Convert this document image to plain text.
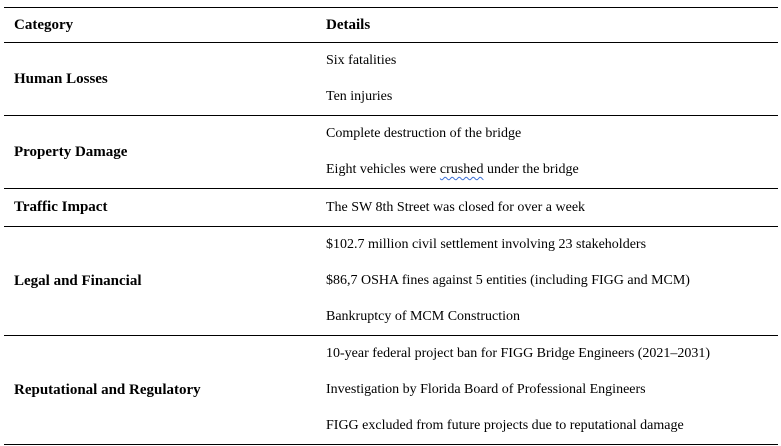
Category	Details
Human Losses
Six fatalities
Ten injuries
Property Damage
Complete destruction of the bridge
Eight vehicles were crushed under the bridge
Traffic Impact	The SW 8th Street was closed for over a week
Legal and Financial
$102.7 million civil settlement involving 23 stakeholders
$86,7 OSHA fines against 5 entities (including FIGG and MCM)
Bankruptcy of MCM Construction
Reputational and Regulatory
10-year federal project ban for FIGG Bridge Engineers (2021–2031)
Investigation by Florida Board of Professional Engineers
FIGG excluded from future projects due to reputational damage
